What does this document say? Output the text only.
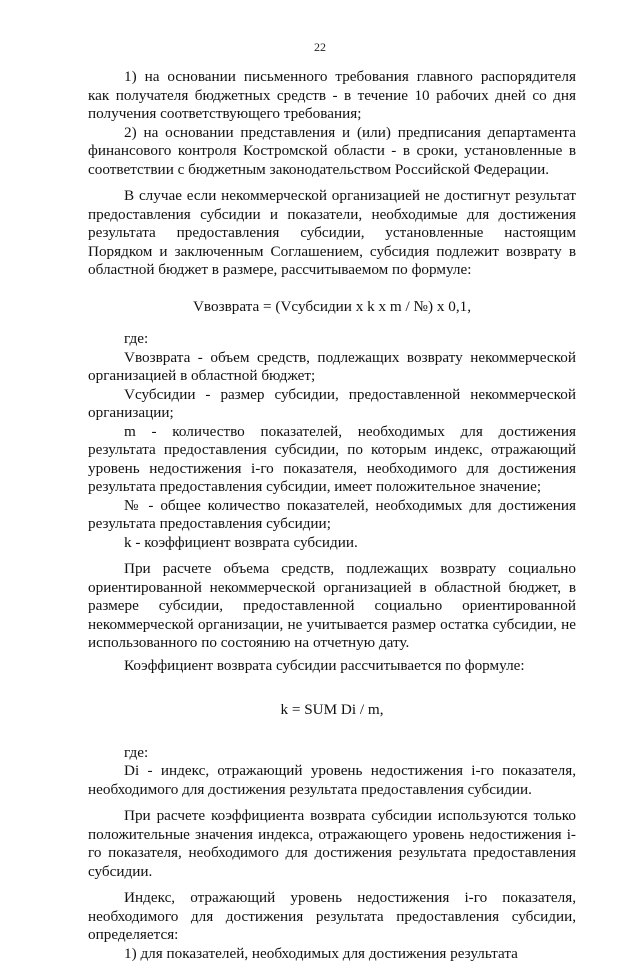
22

1) на основании письменного требования главного распорядителя как получателя бюджетных средств - в течение 10 рабочих дней со дня получения соответствующего требования;

2) на основании представления и (или) предписания департамента финансового контроля Костромской области - в сроки, установленные в соответствии с бюджетным законодательством Российской Федерации.

В случае если некоммерческой организацией не достигнут результат предоставления субсидии и показатели, необходимые для достижения результата предоставления субсидии, установленные настоящим Порядком и заключенным Соглашением, субсидия подлежит возврату в областной бюджет в размере, рассчитываемом по формуле:

Vвозврата = (Vсубсидии x k x m / №) x 0,1,

где:

Vвозврата - объем средств, подлежащих возврату некоммерческой организацией в областной бюджет;

Vсубсидии - размер субсидии, предоставленной некоммерческой организации;

m - количество показателей, необходимых для достижения результата предоставления субсидии, по которым индекс, отражающий уровень недостижения i-го показателя, необходимого для достижения результата предоставления субсидии, имеет положительное значение;

№ - общее количество показателей, необходимых для достижения результата предоставления субсидии;

k - коэффициент возврата субсидии.

При расчете объема средств, подлежащих возврату социально ориентированной некоммерческой организацией в областной бюджет, в размере субсидии, предоставленной социально ориентированной некоммерческой организации, не учитывается размер остатка субсидии, не использованного по состоянию на отчетную дату.

Коэффициент возврата субсидии рассчитывается по формуле:

k = SUM Di / m,

где:

Di - индекс, отражающий уровень недостижения i-го показателя, необходимого для достижения результата предоставления субсидии.

При расчете коэффициента возврата субсидии используются только положительные значения индекса, отражающего уровень недостижения i-го показателя, необходимого для достижения результата предоставления субсидии.

Индекс, отражающий уровень недостижения i-го показателя, необходимого для достижения результата предоставления субсидии, определяется:

1) для показателей, необходимых для достижения результата
